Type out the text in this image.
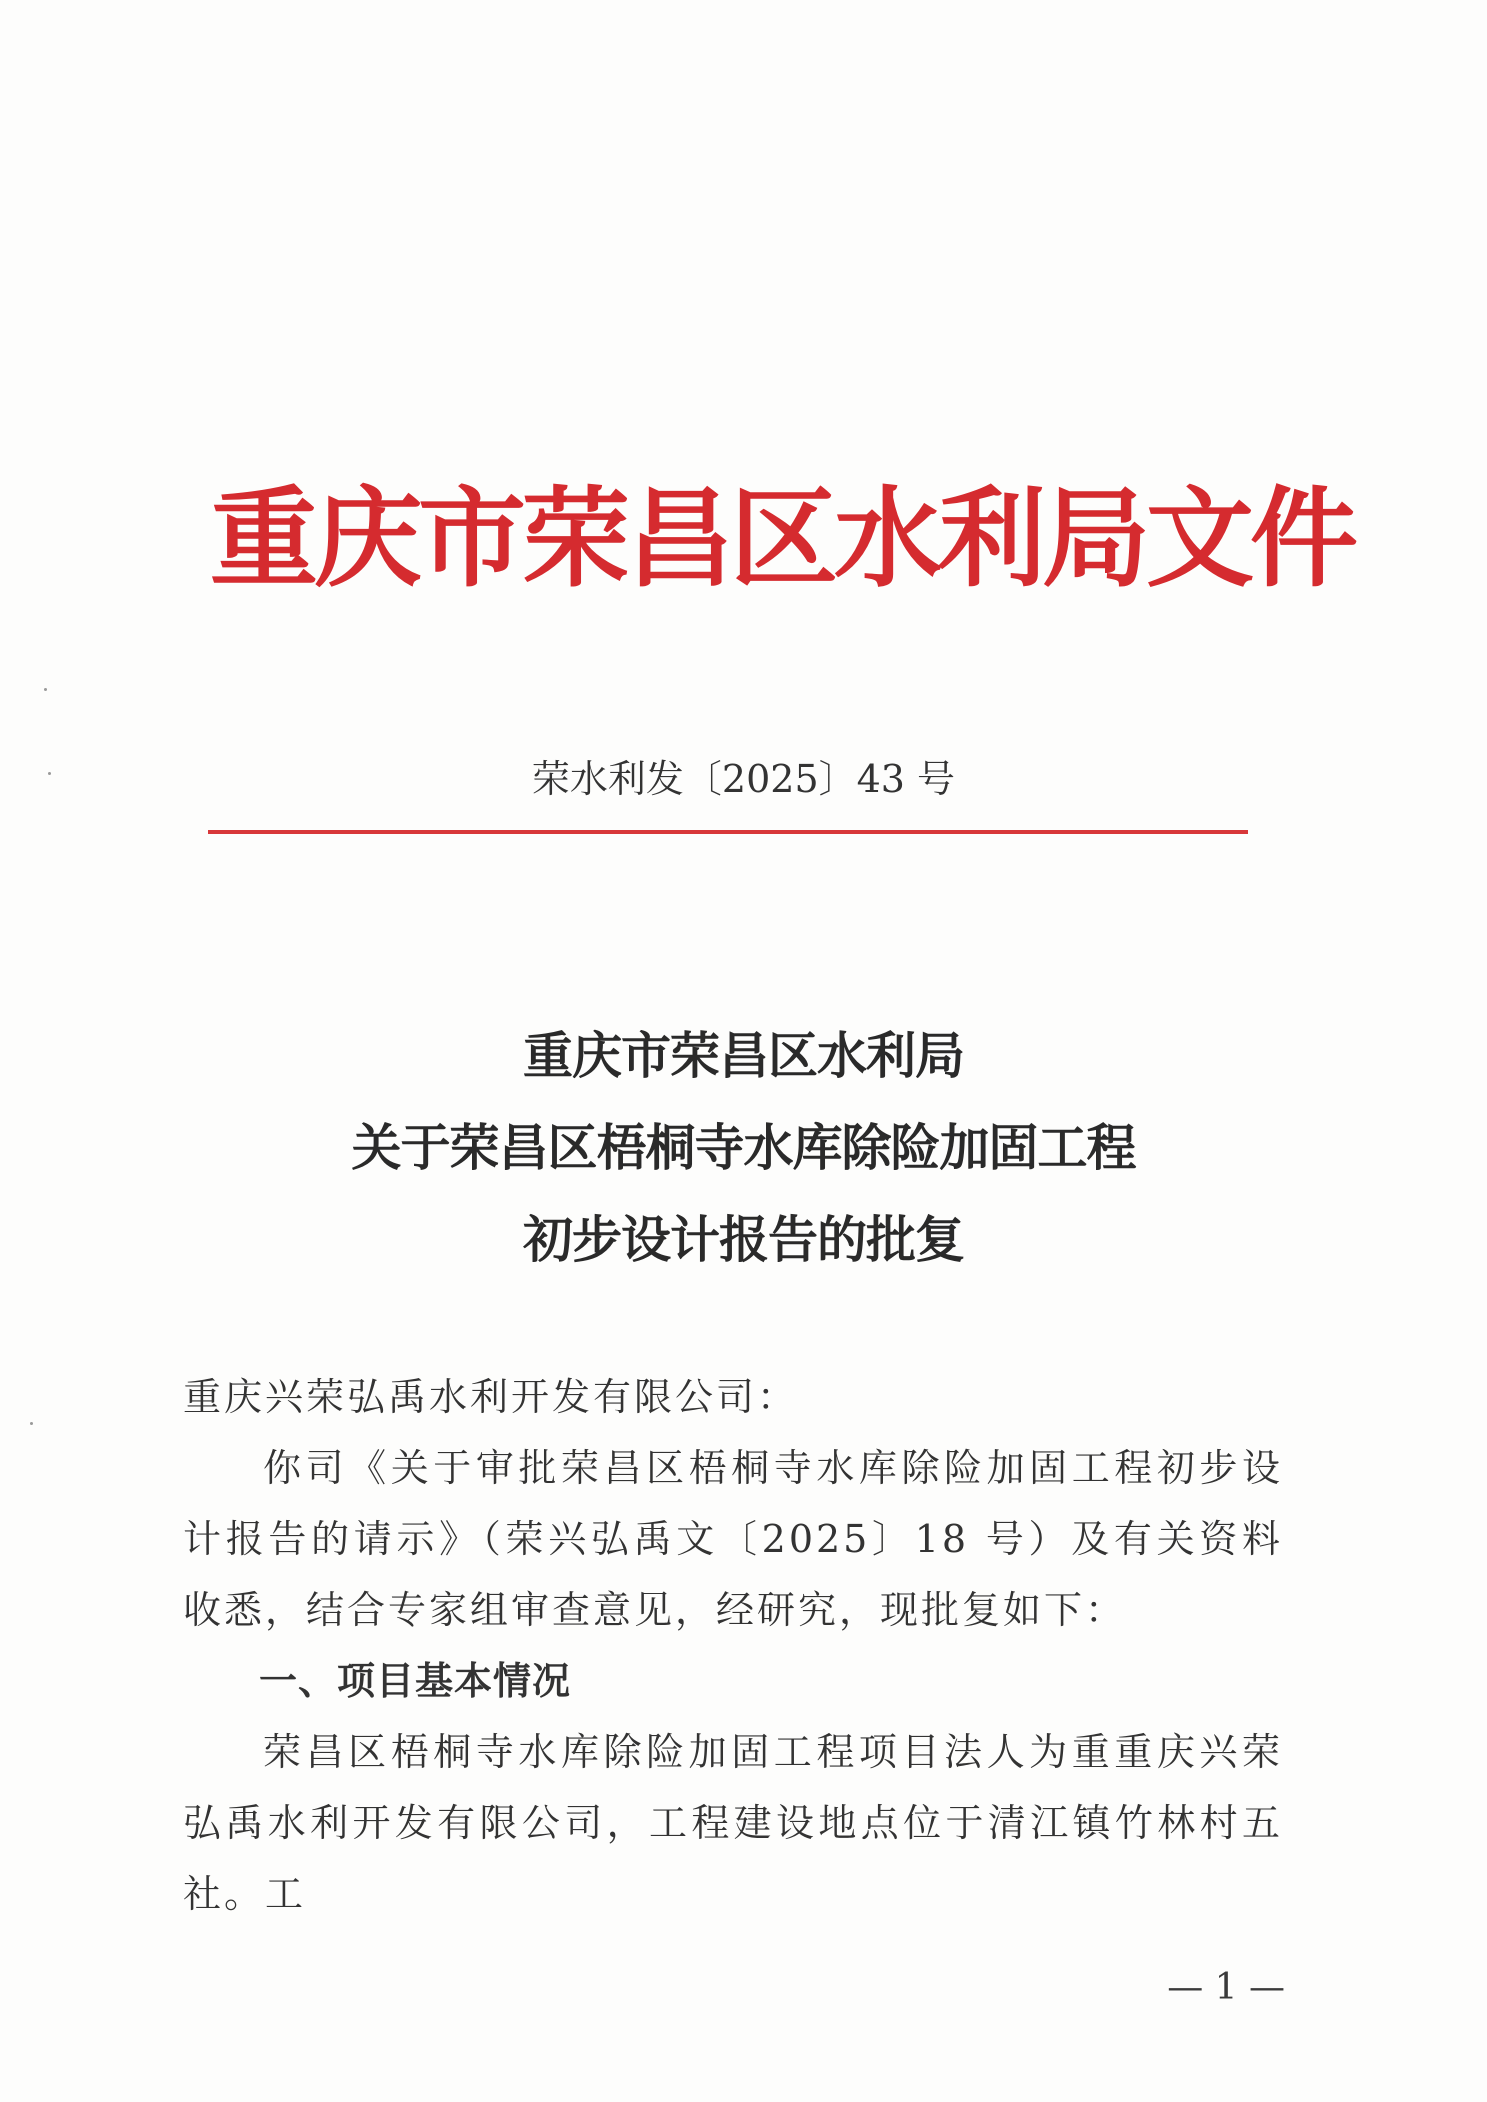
重庆市荣昌区水利局文件
荣水利发〔2025〕43 号
重庆市荣昌区水利局
关于荣昌区梧桐寺水库除险加固工程
初步设计报告的批复
重庆兴荣弘禹水利开发有限公司：
你司《关于审批荣昌区梧桐寺水库除险加固工程初步设计报告的请示》（荣兴弘禹文〔2025〕18 号）及有关资料收悉，结合专家组审查意见，经研究，现批复如下：
一、项目基本情况
荣昌区梧桐寺水库除险加固工程项目法人为重重庆兴荣弘禹水利开发有限公司，工程建设地点位于清江镇竹林村五社。工
— 1 —
